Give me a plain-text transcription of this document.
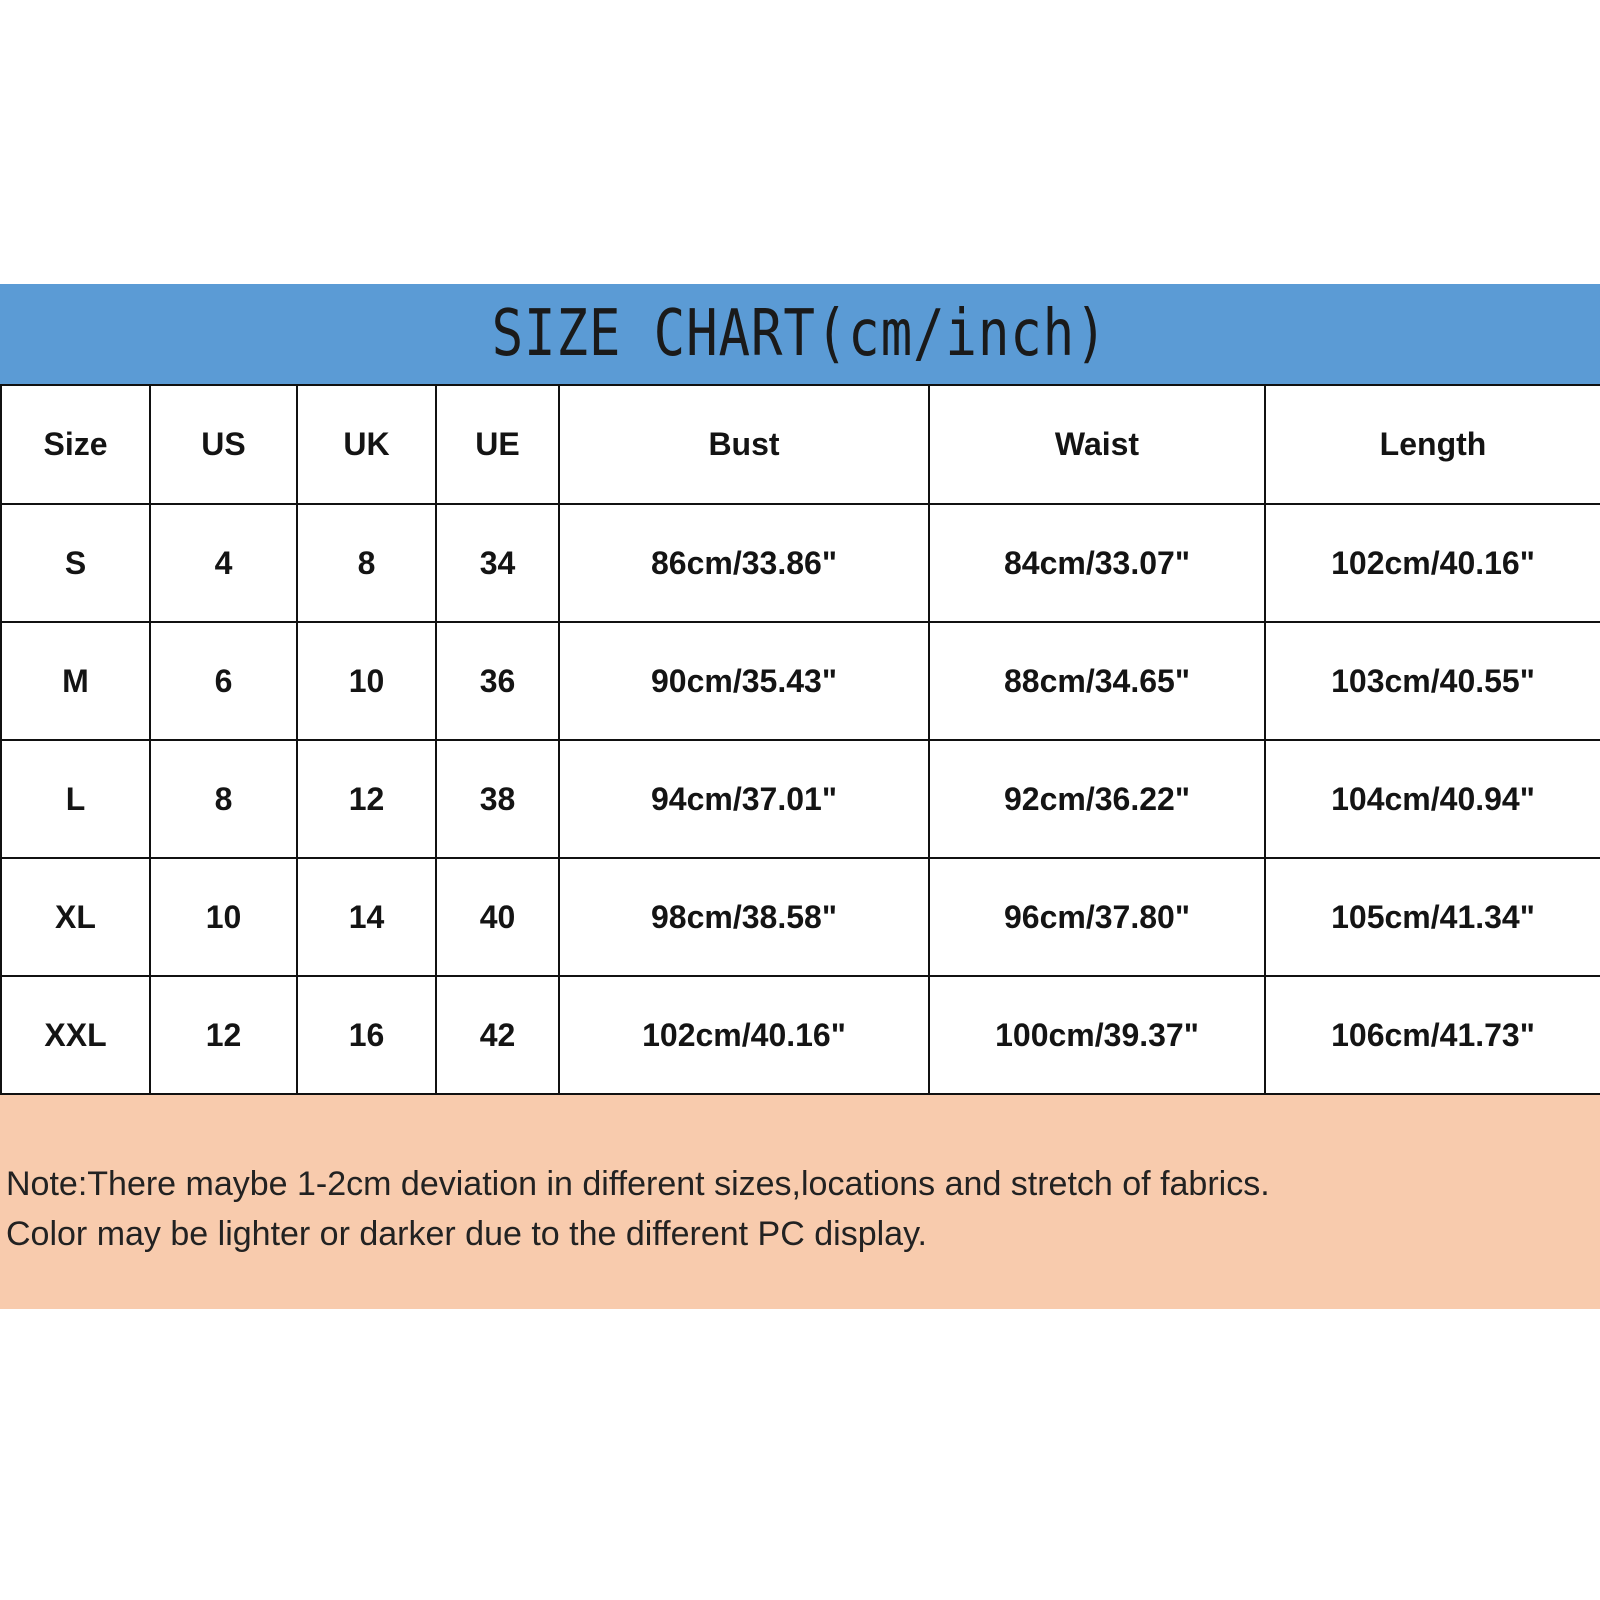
SIZE CHART(cm/inch)
Size	US	UK	UE	Bust	Waist	Length
S	4	8	34	86cm/33.86"	84cm/33.07"	102cm/40.16"
M	6	10	36	90cm/35.43"	88cm/34.65"	103cm/40.55"
L	8	12	38	94cm/37.01"	92cm/36.22"	104cm/40.94"
XL	10	14	40	98cm/38.58"	96cm/37.80"	105cm/41.34"
XXL	12	16	42	102cm/40.16"	100cm/39.37"	106cm/41.73"
Note:There maybe 1-2cm deviation in different sizes,locations and stretch of fabrics.
Color may be lighter or darker due to the different PC display.
